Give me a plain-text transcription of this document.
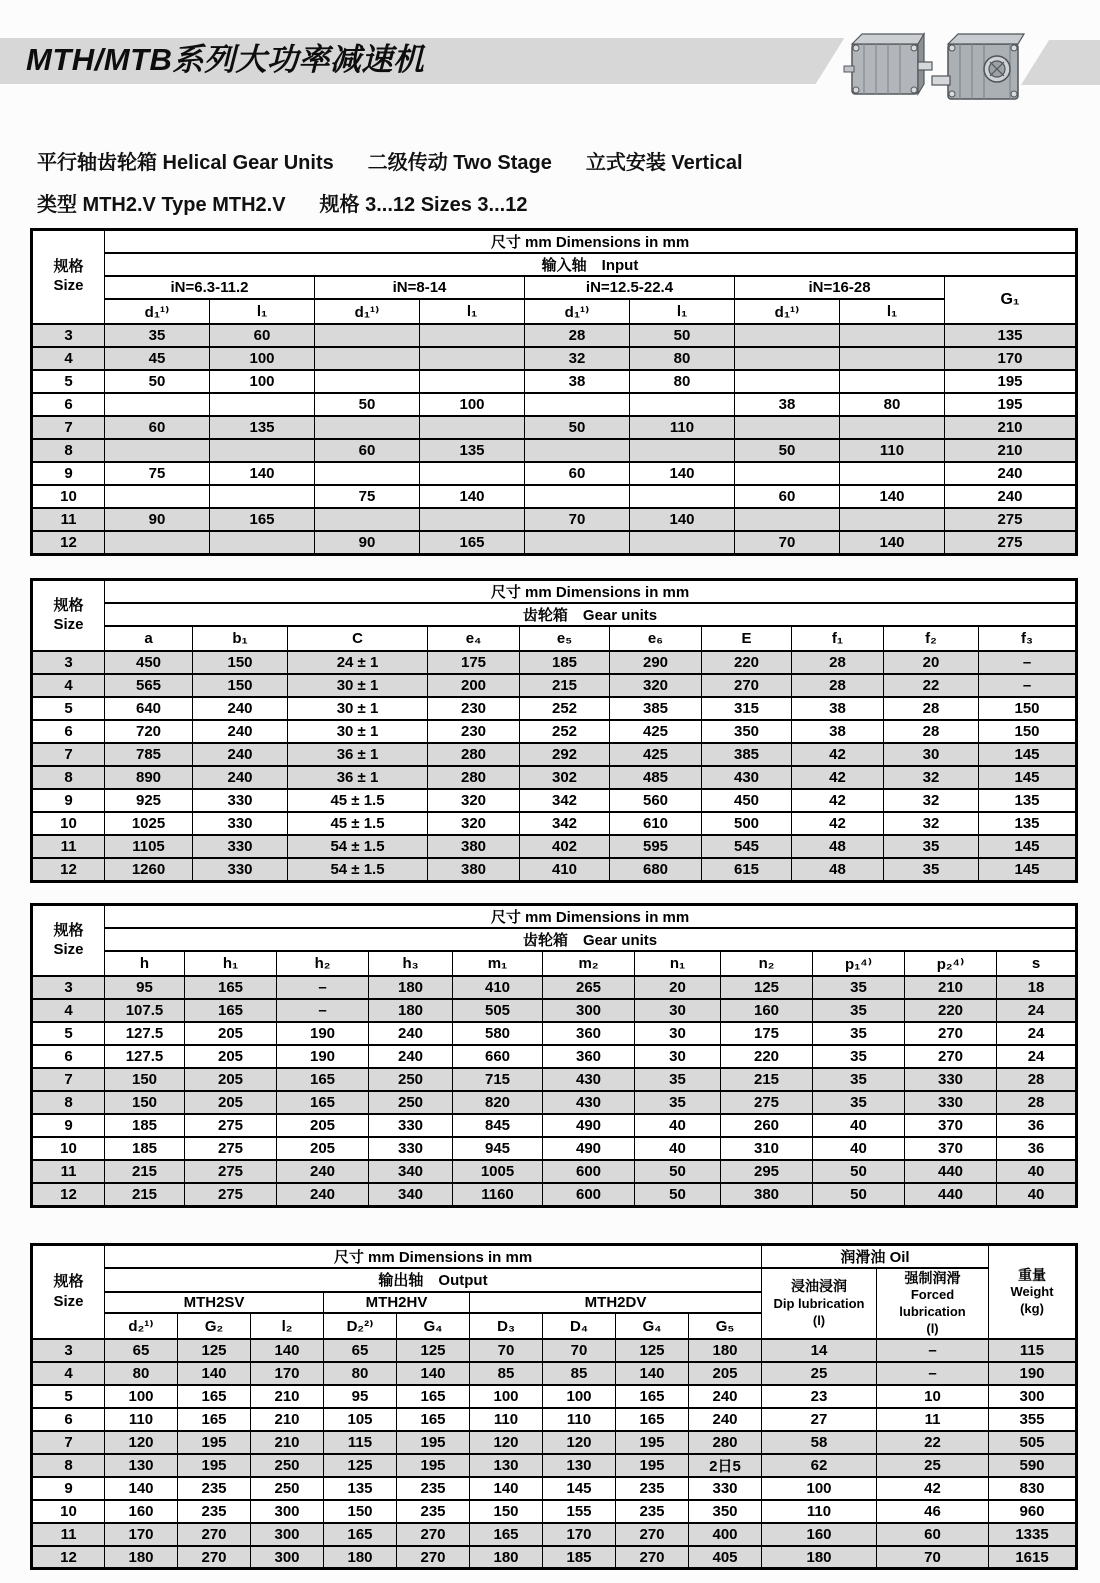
MTH/MTB系列大功率减速机
平行轴齿轮箱 Helical Gear Units 二级传动 Two Stage 立式安装 Vertical
类型 MTH2.V Type MTH2.V 规格 3...12 Sizes 3...12
规格
Size	尺寸 mm Dimensions in mm								
	输入轴　Input								
	iN=6.3-11.2		iN=8-14		iN=12.5-22.4		iN=16-28		G₁
	d₁¹⁾	l₁	d₁¹⁾	l₁	d₁¹⁾	l₁	d₁¹⁾	l₁	
3	35	60			28	50			135
4	45	100			32	80			170
5	50	100			38	80			195
6			50	100			38	80	195
7	60	135			50	110			210
8			60	135			50	110	210
9	75	140			60	140			240
10			75	140			60	140	240
11	90	165			70	140			275
12			90	165			70	140	275
规格
Size	尺寸 mm Dimensions in mm									
	齿轮箱　Gear units									
	a	b₁	C	e₄	e₅	e₆	E	f₁	f₂	f₃
3	450	150	24 ± 1	175	185	290	220	28	20	–
4	565	150	30 ± 1	200	215	320	270	28	22	–
5	640	240	30 ± 1	230	252	385	315	38	28	150
6	720	240	30 ± 1	230	252	425	350	38	28	150
7	785	240	36 ± 1	280	292	425	385	42	30	145
8	890	240	36 ± 1	280	302	485	430	42	32	145
9	925	330	45 ± 1.5	320	342	560	450	42	32	135
10	1025	330	45 ± 1.5	320	342	610	500	42	32	135
11	1105	330	54 ± 1.5	380	402	595	545	48	35	145
12	1260	330	54 ± 1.5	380	410	680	615	48	35	145
规格
Size	尺寸 mm Dimensions in mm										
	齿轮箱　Gear units										
	h	h₁	h₂	h₃	m₁	m₂	n₁	n₂	p₁⁴⁾	p₂⁴⁾	s
3	95	165	–	180	410	265	20	125	35	210	18
4	107.5	165	–	180	505	300	30	160	35	220	24
5	127.5	205	190	240	580	360	30	175	35	270	24
6	127.5	205	190	240	660	360	30	220	35	270	24
7	150	205	165	250	715	430	35	215	35	330	28
8	150	205	165	250	820	430	35	275	35	330	28
9	185	275	205	330	845	490	40	260	40	370	36
10	185	275	205	330	945	490	40	310	40	370	36
11	215	275	240	340	1005	600	50	295	50	440	40
12	215	275	240	340	1160	600	50	380	50	440	40
规格
Size	尺寸 mm Dimensions in mm									润滑油 Oil		重量
Weight
(kg)

	输出轴　Output									浸油浸润
Dip lubrication
(l)	强制润滑
Forced lubrication
(l)	

	MTH2SV			MTH2HV		MTH2DV						
	d₂¹⁾	G₂	l₂	D₂²⁾	G₄	D₃	D₄	G₄	G₅			
3	65	125	140	65	125	70	70	125	180	14	–	115
4	80	140	170	80	140	85	85	140	205	25	–	190
5	100	165	210	95	165	100	100	165	240	23	10	300
6	110	165	210	105	165	110	110	165	240	27	11	355
7	120	195	210	115	195	120	120	195	280	58	22	505
8	130	195	250	125	195	130	130	195	2日5	62	25	590
9	140	235	250	135	235	140	145	235	330	100	42	830
10	160	235	300	150	235	150	155	235	350	110	46	960
11	170	270	300	165	270	165	170	270	400	160	60	1335
12	180	270	300	180	270	180	185	270	405	180	70	1615
